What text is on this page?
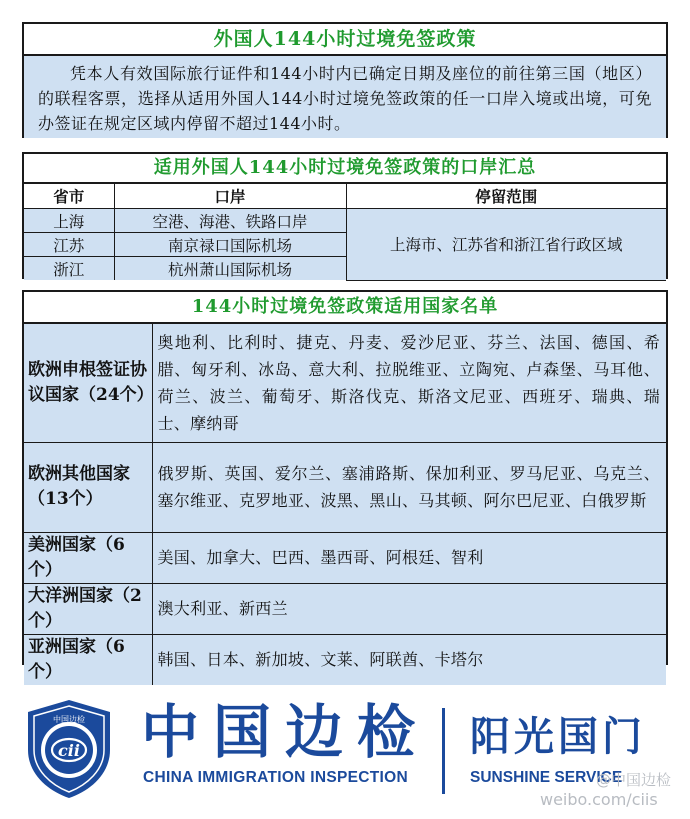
外国人144小时过境免签政策
凭本人有效国际旅行证件和144小时内已确定日期及座位的前往第三国（地区）的联程客票，选择从适用外国人144小时过境免签政策的任一口岸入境或出境，可免办签证在规定区域内停留不超过144小时。
适用外国人144小时过境免签政策的口岸汇总
省市	口岸	停留范围
上海	空港、海港、铁路口岸	上海市、江苏省和浙江省行政区域
江苏	南京禄口国际机场	
浙江	杭州萧山国际机场	
144小时过境免签政策适用国家名单
欧洲申根签证协议国家（24个）	奥地利、比利时、捷克、丹麦、爱沙尼亚、芬兰、法国、德国、希腊、匈牙利、冰岛、意大利、拉脱维亚、立陶宛、卢森堡、马耳他、荷兰、波兰、葡萄牙、斯洛伐克、斯洛文尼亚、西班牙、瑞典、瑞士、摩纳哥
欧洲其他国家（13个）	俄罗斯、英国、爱尔兰、塞浦路斯、保加利亚、罗马尼亚、乌克兰、塞尔维亚、克罗地亚、波黑、黑山、马其顿、阿尔巴尼亚、白俄罗斯
美洲国家（6个）	美国、加拿大、巴西、墨西哥、阿根廷、智利
大洋洲国家（2个）	澳大利亚、新西兰
亚洲国家（6个）	韩国、日本、新加坡、文莱、阿联酋、卡塔尔
cii
中国边检 中国边检
CHINA IMMIGRATION INSPECTION
阳光国门
SUNSHINE SERVICE
@中国边检
weibo.com/ciis
